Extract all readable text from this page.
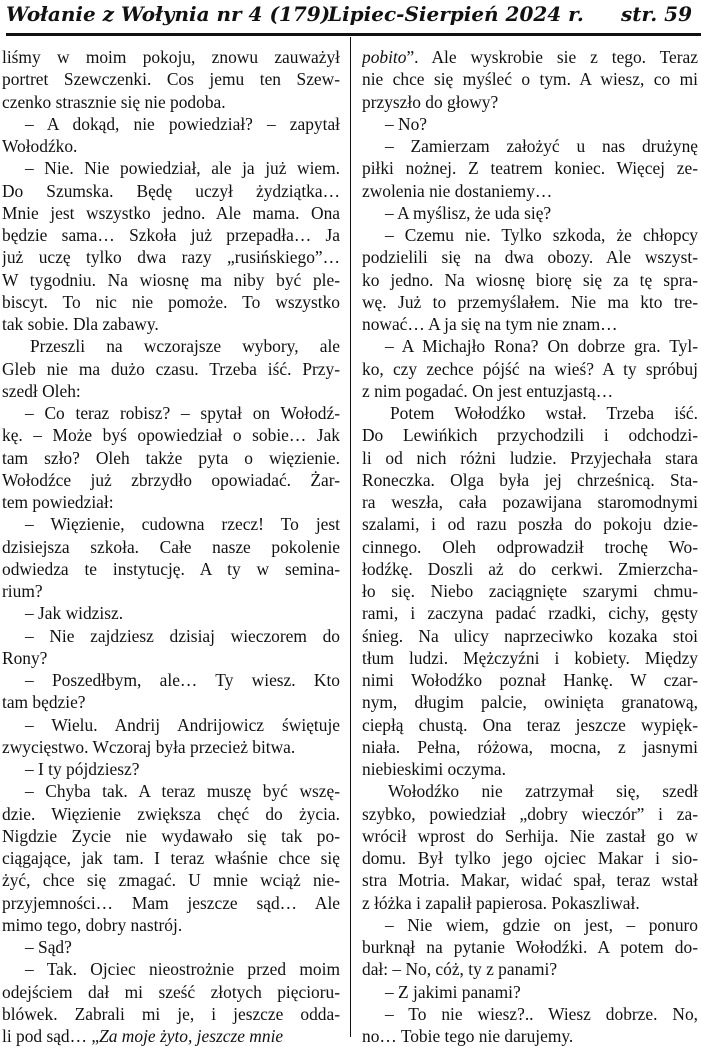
Wołanie z Wołynia nr 4 (179)
Lipiec-Sierpień 2024 r. str. 59
liśmy w moim pokoju, znowu zauważył
portret Szewczenki. Cos jemu ten Szew-
czenko strasznie się nie podoba.
– A dokąd, nie powiedział? – zapytał
Wołodźko.
– Nie. Nie powiedział, ale ja już wiem.
Do Szumska. Będę uczył żydziątka…
Mnie jest wszystko jedno. Ale mama. Ona
będzie sama… Szkoła już przepadła… Ja
już uczę tylko dwa razy „rusińskiego”…
W tygodniu. Na wiosnę ma niby być ple-
biscyt. To nic nie pomoże. To wszystko
tak sobie. Dla zabawy.
Przeszli na wczorajsze wybory, ale
Gleb nie ma dużo czasu. Trzeba iść. Przy-
szedł Oleh:
– Co teraz robisz? – spytał on Wołodź-
kę. – Może byś opowiedział o sobie… Jak
tam szło? Oleh także pyta o więzienie.
Wołodźce już zbrzydło opowiadać. Żar-
tem powiedział:
– Więzienie, cudowna rzecz! To jest
dzisiejsza szkoła. Całe nasze pokolenie
odwiedza te instytucję. A ty w semina-
rium?
– Jak widzisz.
– Nie zajdziesz dzisiaj wieczorem do
Rony?
– Poszedłbym, ale… Ty wiesz. Kto
tam będzie?
– Wielu. Andrij Andrijowicz świętuje
zwycięstwo. Wczoraj była przecież bitwa.
– I ty pójdziesz?
– Chyba tak. A teraz muszę być wszę-
dzie. Więzienie zwiększa chęć do życia.
Nigdzie Zycie nie wydawało się tak po-
ciągające, jak tam. I teraz właśnie chce się
żyć, chce się zmagać. U mnie wciąż nie-
przyjemności… Mam jeszcze sąd… Ale
mimo tego, dobry nastrój.
– Sąd?
– Tak. Ojciec nieostrożnie przed moim
odejściem dał mi sześć złotych pięcioru-
blówek. Zabrali mi je, i jeszcze odda-
li pod sąd… „Za moje żyto, jeszcze mnie
pobito”. Ale wyskrobie sie z tego. Teraz
nie chce się myśleć o tym. A wiesz, co mi
przyszło do głowy?
– No?
– Zamierzam założyć u nas drużynę
piłki nożnej. Z teatrem koniec. Więcej ze-
zwolenia nie dostaniemy…
– A myślisz, że uda się?
– Czemu nie. Tylko szkoda, że chłopcy
podzielili się na dwa obozy. Ale wszyst-
ko jedno. Na wiosnę biorę się za tę spra-
wę. Już to przemyślałem. Nie ma kto tre-
nować… A ja się na tym nie znam…
– A Michajło Rona? On dobrze gra. Tyl-
ko, czy zechce pójść na wieś? A ty spróbuj
z nim pogadać. On jest entuzjastą…
Potem Wołodźko wstał. Trzeba iść.
Do Lewińkich przychodzili i odchodzi-
li od nich różni ludzie. Przyjechała stara
Roneczka. Olga była jej chrześnicą. Sta-
ra weszła, cała pozawijana staromodnymi
szalami, i od razu poszła do pokoju dzie-
cinnego. Oleh odprowadził trochę Wo-
łodźkę. Doszli aż do cerkwi. Zmierzcha-
ło się. Niebo zaciągnięte szarymi chmu-
rami, i zaczyna padać rzadki, cichy, gęsty
śnieg. Na ulicy naprzeciwko kozaka stoi
tłum ludzi. Mężczyźni i kobiety. Między
nimi Wołodźko poznał Hankę. W czar-
nym, długim palcie, owinięta granatową,
ciepłą chustą. Ona teraz jeszcze wypięk-
niała. Pełna, różowa, mocna, z jasnymi
niebieskimi oczyma.
Wołodźko nie zatrzymał się, szedł
szybko, powiedział „dobry wieczór” i za-
wrócił wprost do Serhija. Nie zastał go w
domu. Był tylko jego ojciec Makar i sio-
stra Motria. Makar, widać spał, teraz wstał
z łóżka i zapalił papierosa. Pokaszliwał.
– Nie wiem, gdzie on jest, – ponuro
burknął na pytanie Wołodźki. A potem do-
dał: – No, cóż, ty z panami?
– Z jakimi panami?
– To nie wiesz?.. Wiesz dobrze. No,
no… Tobie tego nie darujemy.
